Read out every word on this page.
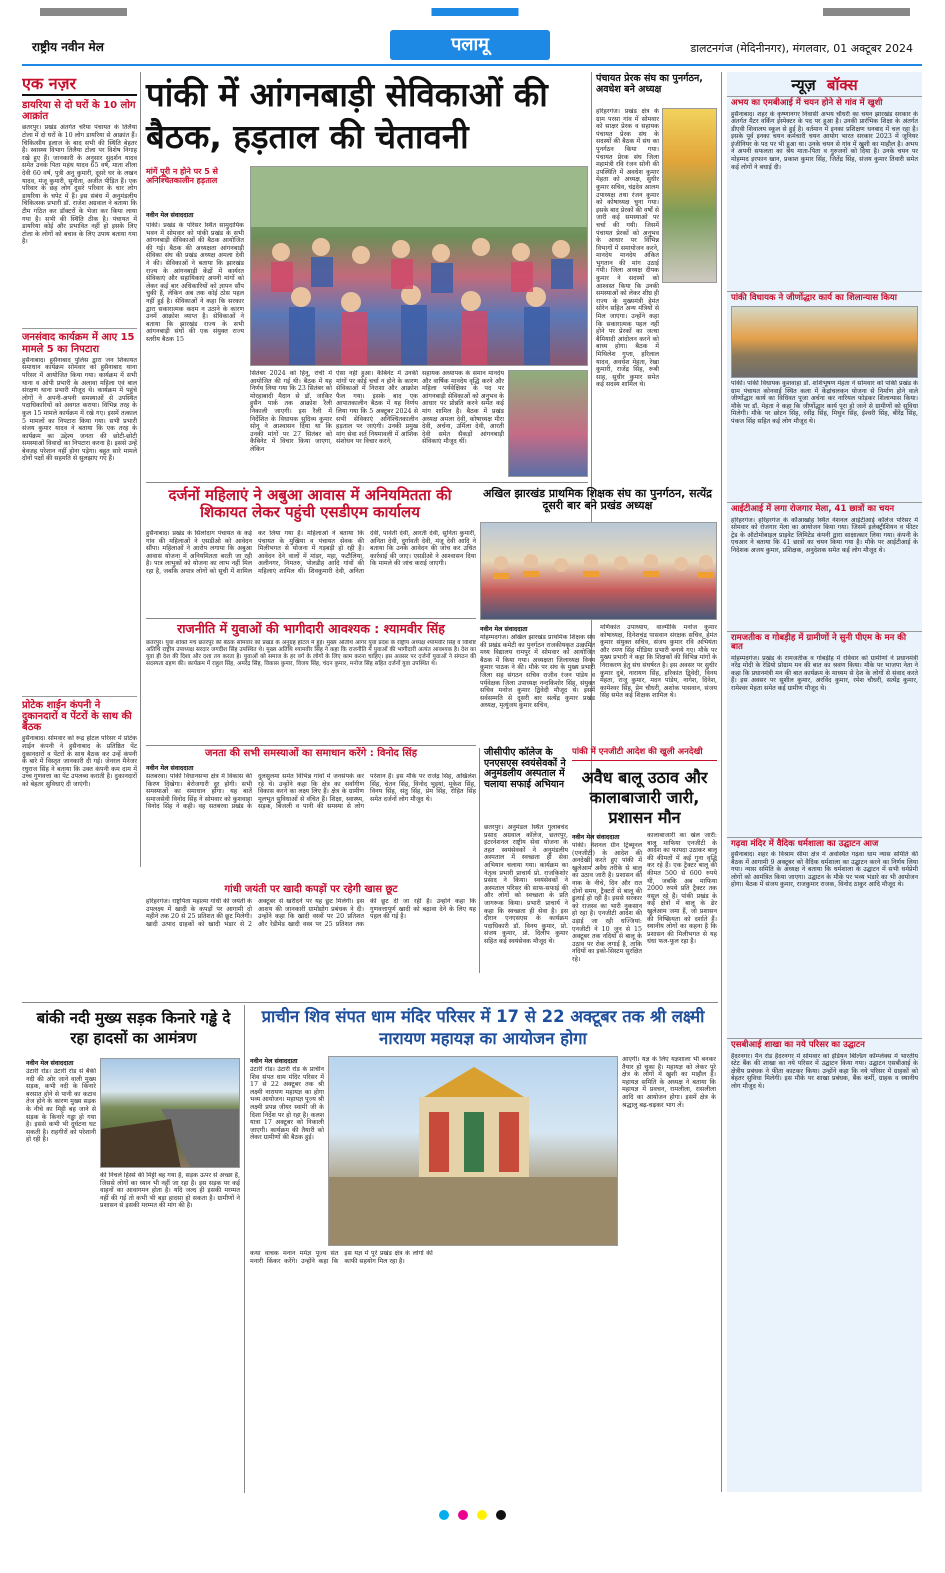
राष्ट्रीय नवीन मेल	पलामू	डालटनगंज (मेदिनीनगर), मंगलवार, 01 अक्टूबर 2024
एक नज़र
डायरिया से दो घरों के 10 लोग आक्रांत
छतरपुर। प्रखंड अंतर्गत चरैया पंचायत के तिलैया टोला में दो घरों के 10 लोग डायरिया से आक्रांत हैं। चिकित्सीय इलाज के बाद सभी की स्थिति बेहतर है। स्वास्थ्य विभाग तिलैया टोला पर विशेष निगाह रखे हुए हैं। जानकारी के अनुसार सुदर्शन यादव समेत उनके पिता महंथ यादव 65 वर्ष, माता शीला देवी 60 वर्ष, पुत्री अनु कुमारी, दूसरे घर के लखन यादव, मंजू कुमारी, सुनीता, अजीत पीड़ित हैं। एक परिवार के छह लोग दूसरे परिवार के चार लोग डायरिया के चपेट में हैं। इस संबंध में अनुमंडलीय चिकित्सक प्रभारी डॉ. राजेश अग्रवाल ने बताया कि टीम गठित कर डॉक्टरों के भेजा कर किया लाया गया है। सभी की स्थिति ठीक है। पंचायत में डायरिया कोई और प्रभावित नहीं हो इसके लिए टोला के लोगों को बचाव के लिए उपाय बताया गया है।
जनसंवाद कार्यक्रम में आए 15 मामले 5 का निपटारा
हुसैनाबाद। हुसैनाबाद पुलिस द्वारा जन शिकायत समाधान कार्यक्रम सोमवार को हुसैनाबाद थाना परिसर में आयोजित किया गया। कार्यक्रम में सभी थाना व ओपी प्रभारी के अलावा महिला एवं बाल संरक्षण थाना प्रभारी मौजूद थे। कार्यक्रम में पहुंचे लोगों ने अपनी-अपनी समस्याओं से उपस्थित पदाधिकारियों को अवगत कराया। विभिन्न तरह के कुल 15 मामले कार्यक्रम में रखे गए। इसमें तत्काल 5 मामलों का निपटारा किया गया। सभी प्रभारी संजय कुमार यादव ने बताया कि एक तरह के कार्यक्रम का उद्देश्य जनता की छोटी-छोटी समस्याओं विवादों का निपटारा करना है। इससे उन्हें बेवजह परेशान नहीं होना पड़ेगा। बहुत सारे मामले दोनों पक्षों की सहमति से सुलझाए गए हैं।
प्रोटेक शाईन कंपनी ने दुकानदारों व पेंटरों के साथ की बैठक
हुसैनाबाद। सोमवार को रूद्र होटल परिसर में प्रोटेक शाईन कंपनी ने हुसैनाबाद के प्रतिष्ठित पेंट दुकानदारों व पेंटरों के साथ बैठक कर उन्हें कंपनी के बारे में विस्तृत जानकारी दी गई। जेनरल मैनेजर रघुराज सिंह ने बताया कि उक्त कंपनी कम दाम में उच्च गुणवत्ता का पेंट उपलब्ध कराती है। दुकानदारों को बेहतर सुविधाएं दी जाएंगी।
पांकी में आंगनबाड़ी सेविकाओं की बैठक, हड़ताल की चेतावनी
मांगें पूरी न होने पर 5 से अनिश्चितकालीन हड़ताल
नवीन मेल संवाददाता
पांकी। प्रखंड के परिसर स्थित सामुदायिक भवन में सोमवार को पांकी प्रखंड के सभी आंगनबाड़ी सेविकाओं की बैठक आयोजित की गई। बैठक की अध्यक्षता आंगनबाड़ी सेविका संघ की प्रखंड अध्यक्ष अमला देवी ने की। सेविकाओं ने बताया कि झारखंड राज्य के आंगनबाड़ी केंद्रों में कार्यरत सेविकाएं और सहायिकाएं अपनी मांगों को लेकर कई बार अधिकारियों को ज्ञापन सौंप चुकी हैं, लेकिन अब तक कोई ठोस पहल नहीं हुई है। सेविकाओं ने कहा कि सरकार द्वारा सकारात्मक कदम न उठाने के कारण उनमें आक्रोश व्याप्त है। सेविकाओं ने बताया कि झारखंड राज्य के सभी आंगनबाड़ी संघों की एक संयुक्त राज्य स्तरीय बैठक 15
सितंबर 2024 को हिनू, रांची में आयोजित की गई थी। बैठक में यह निर्णय लिया गया कि 23 सितंबर को मोरहाबादी मैदान से डॉ. जाकिर हुसैन पार्क तक आक्रोश रैली निकाली जाएगी। इस रैली में निर्देशित के विधायक सुदिव्य कुमार सोनू ने आश्वासन दिया था कि उनकी मांगों पर 27 सितंबर को कैबिनेट में विचार किया जाएगा, लेकिन
ऐसा नहीं हुआ। कैबिनेट में उनकी मांगों पर कोई चर्चा न होने के कारण सेविकाओं में निराशा और आक्रोश फैल गया। इसके बाद एक आपातकालीन बैठक में यह निर्णय लिया गया कि 5 अक्टूबर 2024 से सभी सेविकाएं अनिश्चितकालीन हड़ताल पर जाएंगी। उनकी प्रमुख मांग सेवा शर्त नियमावली में आंशिक संशोधन पर विचार करने,
सहायक अध्यापक के समान मानदेय और वार्षिक मानदेय वृद्धि करने और महिला पर्यवेक्षिका के पद पर आंगनबाड़ी सेविकाओं को अनुभव के आधार पर प्रोन्नति करने समेत कई मांग शामिल है। बैठक में प्रखंड अध्यक्ष अमला देवी, कोषाध्यक्ष मीरा देवी, अर्चना, उर्मिला देवी, आरती देवी समेत सैकड़ों आंगनबाड़ी सेविकाएं मौजूद थीं।
पंचायत प्रेरक संघ का पुनर्गठन, अवधेश बने अध्यक्ष
हरिहरगंज। प्रखंड क्षेत्र के ग्राम परसा गांव में सोमवार को साक्षर प्रेरक व सहायक पंचायत प्रेरक संघ के सदस्यों की बैठक में संघ का पुनर्गठन किया गया। पंचायत प्रेरक संघ जिला महामंत्री रवि रंजन सोनी की उपस्थिति में अवधेश कुमार मेहता को अध्यक्ष, सुधीर कुमार सचिव, चंद्रदेव आलम उपाध्यक्ष तथा रंजन कुमार को कोषाध्यक्ष चुना गया। इसके बाद प्रेरकों की वर्षों से जारी कई समस्याओं पर चर्चा की गयी। जिसमें पंचायत प्रेरकों को अनुभव के आधार पर विभिन्न विभागों में समायोजन करने, मानदेय मानदेय अंकित भुगतान की मांग उठाई गयी। जिला अध्यक्ष दीपक कुमार ने सदस्यों को आश्वस्त किया कि उनकी समस्याओं को लेकर शीघ्र ही राज्य के मुख्यमंत्री हेमंत सोरेन सहित अन्य मंत्रियों से मिल जाएगा। उन्होंने कहा कि सकारात्मक पहल नहीं होने पर प्रेरकों का जत्था बैमियादी आंदोलन करने को बाध्य होगा। बैठक में मिथिलेश गुप्ता, हरिलाल यादव, अवधेश मेहता, रेखा कुमारी, राजेंद्र सिंह, रूबी साह, सुधीर कुमार समेत कई सदस्य शामिल थे।
दर्जनों महिलाएं ने अबुआ आवास में अनियमितता की शिकायत लेकर पहुंची एसडीएम कार्यालय
हुसैनाबाद। प्रखंड के सिलोदाग पंचायत के कई गांव की महिलाओं ने एसडीओ को आवेदन सौंपा। महिलाओं ने आरोप लगाया कि अबुआ आवास योजना में अनियमितता बरती जा रही है। पात्र लाभुकों को योजना का लाभ नहीं मिल रहा है, जबकि अपात्र लोगों को सूची में शामिल कर लिया गया है। महिलाओं ने बताया कि पंचायत के मुखिया व पंचायत सेवक की मिलीभगत से योजना में गड़बड़ी हो रही है। आवेदन देने वालों में मांडर, महा, फटौलिया, अलीनगर, निमतरु, पोलडीह आदि गांवों की महिलाएं शामिल थीं। शिवकुमारी देवी, अनिता देवी, पार्वती देवी, आरती देवी, सुनिता कुमारी, अनिता देवी, दुर्गावती देवी, मंजू देवी आदि ने बताया कि उनके आवेदन की जांच कर उचित कार्रवाई की जाए। एसडीओ ने आश्वासन दिया कि मामले की जांच कराई जाएगी।
अखिल झारखंड प्राथमिक शिक्षक संघ का पुनर्गठन, सत्येंद्र दूसरी बार बने प्रखंड अध्यक्ष
नवीन मेल संवाददाता
मोहम्मदगंज। अखिल झारखंड प्राथमिक शिक्षक संघ की प्रखंड कमेटी का पुनर्गठन राजकीयकृत उत्क्रमित मध्य विद्यालय रामपुर में सोमवार को आयोजित बैठक में किया गया। अध्यक्षता जिलाध्यक्ष विनय कुमार पाठक ने की। मौके पर संघ के मुख्य प्रभारी जिला सह संगठन सचिव राजीव रंजन पांडेय व पर्यवेक्षक जिला उपाध्यक्ष नन्दकिशोर सिंह, संयुक्त सचिव मनोज कुमार द्विवेदी मौजूद थे। इसमें सर्वसम्मति से दूसरी बार सत्येंद्र कुमार प्रखंड अध्यक्ष, मृत्युंजय कुमार सचिव,
मणिकांत उपाध्याय, वाल्मीकि मनोज कुमार कोषाध्यक्ष, दिनेशचंद्र पासवान संरक्षक सचिव, हेमंत कुमार संयुक्त सचिव, संजय कुमार रवि अभियंता और रमण सिंह मीडिया प्रभारी बनाये गए। मौके पर मुख्य प्रभारी ने कहा कि शिक्षकों की विभिन्न मांगों के निराकरण हेतु संघ संघर्षरत है। इस अवसर पर सुधीर कुमार दुबे, नारायण सिंह, हरिकांत द्विवेदी, विनय मेहता, राजू कुमार, मदन पांडेय, नागेश, दिनेश, कामेश्वर सिंह, प्रेम चौधरी, अशोक पासवान, संजय सिंह समेत कई शिक्षक शामिल थे।
राजनीति में युवाओं की भागीदारी आवश्यक : श्यामवीर सिंह
छतरपुर। युवा शक्ति मंच छतरपुर की बैठक सोमवार को प्रखंड के अनुग्रह होटल में हुई। मुख्य अतिथि आगर युवा प्रदेश के राष्ट्रीय अध्यक्ष श्यामवीर सिंह व विशिष्ट अतिथि राष्ट्रीय उपाध्यक्ष सरदार जगदीश सिंह उपस्थित थे। मुख्य अतिथि श्यामवीर सिंह ने कहा कि राजनीति में युवाओं की भागीदारी अत्यंत आवश्यक है। देश का युवा ही देश की दिशा और दशा तय करता है। युवाओं को समाज के हर वर्ग के लोगों के लिए काम करना चाहिए। इस अवसर पर दर्जनों युवाओं ने संगठन की सदस्यता ग्रहण की। कार्यक्रम में राहुल सिंह, अमरेंद्र सिंह, विकास कुमार, विजय सिंह, चंदन कुमार, मनोज सिंह सहित दर्जनों युवा उपस्थित थे।
जनता की सभी समस्याओं का समाधान करेंगे : विनोद सिंह
नवीन मेल संवाददाता
सतबरवा। पांकी विधानसभा क्षेत्र में विकास की किरण दिखेगा। बेरोजगारी दूर होगी। सभी समस्याओं का समाधान होगा। यह बातें समाजसेवी विनोद सिंह ने सोमवार को कुशवाहा विनोद सिंह ने कही। वह सतबरवा प्रखंड के दुलसुलमा समेत विभिन्न गांवों में जनसंपर्क कर रहे थे। उन्होंने कहा कि क्षेत्र का सर्वांगीण विकास करने का लक्ष्य लिए हैं। क्षेत्र के ग्रामीण मूलभूत सुविधाओं से वंचित हैं। शिक्षा, स्वास्थ्य, सड़क, बिजली व पानी की समस्या से लोग परेशान हैं। इस मौके पर राजेंद्र सिंह, अखिलेश सिंह, चेतन सिंह, विनोद भुइयां, मुकेश सिंह, विनय सिंह, संतु सिंह, प्रेम सिंह, रोहित सिंह समेत दर्जनों लोग मौजूद थे।
गांधी जयंती पर खादी कपड़ों पर रहेगी खास छूट
हरिहरगंज। राष्ट्रपिता महात्मा गांधी की जयंती के उपलक्ष्य में खादी के कपड़ों पर आगामी दो महीने तक 20 से 25 प्रतिशत की छूट मिलेगी। खादी उत्पाद ग्राहकों को खादी भंडार से 2 अक्टूबर से खरीदने पर यह छूट मिलेगी। इस आशय की जानकारी ग्रामोद्योग प्रबंधक ने दी। उन्होंने कहा कि खादी वस्त्रों पर 20 प्रतिशत और रेडीमेड खादी वस्त्र पर 25 प्रतिशत तक की छूट दी जा रही है। उन्होंने कहा कि गुणवत्तापूर्ण खादी को बढ़ावा देने के लिए यह पहल की गई है।
जीसीपीए कॉलेज के एनएसएस स्वयंसेवकों ने अनुमंडलीय अस्पताल में चलाया सफाई अभियान
छतरपुर। अनुमंडल स्थित गुलाबचंद प्रसाद अग्रवाल कॉलेज, छतरपुर, इंटरनेशनल राष्ट्रीय सेवा योजना के तहत स्वयंसेवकों ने अनुमंडलीय अस्पताल में स्वच्छता ही सेवा अभियान चलाया गया। कार्यक्रम का नेतृत्व प्रभारी प्राचार्य प्रो. राजकिशोर प्रसाद ने किया। स्वयंसेवकों ने अस्पताल परिसर की साफ-सफाई की और लोगों को स्वच्छता के प्रति जागरूक किया। प्रभारी प्राचार्य ने कहा कि स्वच्छता ही सेवा है। इस दौरान एनएसएस के कार्यक्रम पदाधिकारी डॉ. विनय कुमार, प्रो. संजय कुमार, प्रो. दिलीप कुमार सहित कई स्वयंसेवक मौजूद थे।
पांकी में एनजीटी आदेश की खुली अनदेखी
अवैध बालू उठाव और कालाबाजारी जारी, प्रशासन मौन
नवीन मेल संवाददाता
पांकी। नेशनल ग्रीन ट्रिब्यूनल (एनजीटी) के आदेश की अनदेखी करते हुए पांकी में खुलेआम अवैध तरीके से बालू का उठाव जारी है। प्रशासन की नाक के नीचे, दिन और रात दोनों समय, ट्रैक्टरों से बालू की ढुलाई हो रही है। इससे सरकार को राजस्व का भारी नुकसान हो रहा है। एनजीटी आदेश की उड़ाई जा रही धज्जियां: एनजीटी ने 10 जून से 15 अक्टूबर तक नदियों से बालू के उठाव पर रोक लगाई है, ताकि नदियों का इको-सिस्टम सुरक्षित रहे।
कालाबाजारी का खेल जारी: बालू माफिया एनजीटी के आदेश का फायदा उठाकर बालू की कीमतों में कई गुना वृद्धि कर रहे हैं। एक ट्रैक्टर बालू की कीमत 500 से 600 रुपये थी, जबकि अब माफिया 2000 रुपये प्रति ट्रैक्टर तक वसूल रहे हैं। पांकी प्रखंड के कई क्षेत्रों में बालू के ढेर खुलेआम जमा हैं, जो प्रशासन की निष्क्रियता को दर्शाते हैं। स्थानीय लोगों का कहना है कि प्रशासन की मिलीभगत से यह धंधा फल-फूल रहा है।
न्यूज़ बॉक्स
अभय का एमबीआई में चयन होने से गांव में खुशी
हुसैनाबाद। शहर के कृष्णानगर निवासी अभय चौधरी का चयन झारखंड सरकार के अंतर्गत मैटर वर्किंग इंस्पेक्टर के पद पर हुआ है। उनकी प्रारंभिक शिक्षा के अंतर्गत डीएवी शिवालय स्कूल से हुई है। वर्तमान में इनका प्रशिक्षण धनबाद में चल रहा है। इसके पूर्व इनका चयन कर्मचारी चयन आयोग भारत सरकार 2023 में जूनियर इंजीनियर के पद पर भी हुआ था। उनके चयन से गांव में खुशी का माहौल है। अभय ने अपनी सफलता का श्रेय माता-पिता व गुरुजनों को दिया है। उनके चयन पर मोहम्मद इरफान खान, प्रकाश कुमार सिंह, जितेंद्र सिंह, संजय कुमार तिवारी समेत कई लोगों ने बधाई दी।
पांकी विधायक ने जीर्णोद्धार कार्य का शिलान्यास किया
पांकी। पांकी विधायक कुशवाहा डॉ. शशिभूषण मेहता ने सोमवार को पांकी प्रखंड के ग्राम पंचायत कोनवाई स्थित कला में केंद्रांचलकन योजना से निर्माण होने वाले जीर्णोद्धार कार्य का विधिवत पूजा अर्चना कर नारियल फोड़कर शिलान्यास किया। मौके पर डॉ. मेहता ने कहा कि जीर्णोद्धार कार्य पूरा हो जाने से ग्रामीणों को सुविधा मिलेगी। मौके पर छोटन सिंह, रवींद्र सिंह, मिथुन सिंह, ईश्वरी सिंह, बीरेंद्र सिंह, पंकज सिंह सहित कई लोग मौजूद थे।
आईटीआई में लगा रोजगार मेला, 41 छात्रों का चयन
हरिहरगंज। हरिहरगंज के कौआखोह स्थित नेशनल आईटीआई कॉलेज परिसर में सोमवार को रोजगार मेला का आयोजन किया गया। जिसमें इलेक्ट्रीशियन व फीटर ट्रेड के ऑटोमोबाइल प्राइवेट लिमिटेड कंपनी द्वारा साक्षात्कार लिया गया। कंपनी के एचआर ने बताया कि 41 छात्रों का चयन किया गया है। मौके पर आईटीआई के निदेशक अजय कुमार, प्रशिक्षक, अनुदेशक समेत कई लोग मौजूद थे।
रामजतीक व गोबड़ीह में ग्रामीणों ने सुनी पीएम के मन की बात
मोहम्मदगंज। प्रखंड के रामजतीक व गोबड़ीह में रविवार को ग्रामीणों ने प्रधानमंत्री नरेंद्र मोदी के रेडियो प्रोग्राम मन की बात का श्रवण किया। मौके पर भाजपा नेता ने कहा कि प्रधानमंत्री मन की बात कार्यक्रम के माध्यम से देश के लोगों से संवाद करते हैं। इस अवसर पर सुशील कुमार, अरविंद कुमार, रमेश चौधरी, सत्येंद्र कुमार, रामेश्वर मेहता समेत कई ग्रामीण मौजूद थे।
गढ़वा मंदिर में वैदिक धर्मशाला का उद्घाटन आज
हुसैनाबाद। शहर के विश्राम सीमा क्षेत्र में अवस्थित गढ़वा धाम न्यास समिति की बैठक में आगामी 9 अक्टूबर को वैदिक धर्मशाला का उद्घाटन करने का निर्णय लिया गया। न्यास समिति के अध्यक्ष ने बताया कि धर्मशाला के उद्घाटन में सभी धर्मप्रेमी लोगों को आमंत्रित किया जाएगा। उद्घाटन के मौके पर भव्य भंडारे का भी आयोजन होगा। बैठक में संजय कुमार, राजकुमार राजक, विनोद ठाकुर आदि मौजूद थे।
एसबीआई शाखा का नये परिसर का उद्घाटन
हैदरनगर। मैन रोड हैदरनगर में सोमवार को इंडियन बिल्डिंग कॉम्प्लेक्स में भारतीय स्टेट बैंक की शाखा का नये परिसर में उद्घाटन किया गया। उद्घाटन एसबीआई के क्षेत्रीय प्रबंधक ने फीता काटकर किया। उन्होंने कहा कि नये परिसर में ग्राहकों को बेहतर सुविधा मिलेगी। इस मौके पर शाखा प्रबंधक, बैंक कर्मी, ग्राहक व स्थानीय लोग मौजूद थे।
बांकी नदी मुख्य सड़क किनारे गड्ढे दे रहा हादसों का आमंत्रण
नवीन मेल संवाददाता
उंटारी रोड। उंटारी रोड से बैंकी नदी की ओर जाने वाली मुख्य सड़क, कभी नदी के किनारे बरसात होने से पानी का कटाव तेज होने के कारण मुख्य सड़क के नीचे का मिट्टी बह जाने से सड़क के किनारे गड्ढा हो गया है। इससे कभी भी दुर्घटना घट सकती है। राहगीरों को परेशानी हो रही है।
की निचले हिस्से की मिट्टी बह गया है, सड़क ऊपर से अच्छा है, जिससे लोगों का ध्यान भी नहीं जा रहा है। इस सड़क पर कई वाहनों का आवागमन होता है। यदि जल्द ही इसकी मरम्मत नहीं की गई तो कभी भी बड़ा हादसा हो सकता है। ग्रामीणों ने प्रशासन से इसकी मरम्मत की मांग की है।
प्राचीन शिव संपत धाम मंदिर परिसर में 17 से 22 अक्टूबर तक श्री लक्ष्मी नारायण महायज्ञ का आयोजन होगा
नवीन मेल संवाददाता
उंटारी रोड। उंटारी रोड के प्राचीन शिव संपत धाम मंदिर परिसर में 17 से 22 अक्टूबर तक श्री लक्ष्मी नारायण महायज्ञ का होगा भव्य आयोजन। महायज्ञ पूज्य श्री लक्ष्मी प्रपन्न जीयर स्वामी जी के दिशा निर्देश पर हो रहा है। कलश यात्रा 17 अक्टूबर को निकाली जाएगी। कार्यक्रम की तैयारी को लेकर ग्रामीणों की बैठक हुई।
आएगी। यज्ञ के लिए यज्ञशाला भी बनकर तैयार हो चुका है। महायज्ञ को लेकर पूरे क्षेत्र के लोगों में खुशी का माहौल है। महायज्ञ समिति के अध्यक्ष ने बताया कि महायज्ञ में प्रवचन, रामलीला, रासलीला आदि का आयोजन होगा। इसमें क्षेत्र के श्रद्धालु बढ़-चढ़कर भाग लें।
कथा वाचक मनान मर्मज्ञ पूज्य संत मनारी किंकर करेंगे। उन्होंने कहा कि इस यज्ञ में पूरे प्रखंड क्षेत्र के लोगों की काफी सहयोग मिल रहा है।
